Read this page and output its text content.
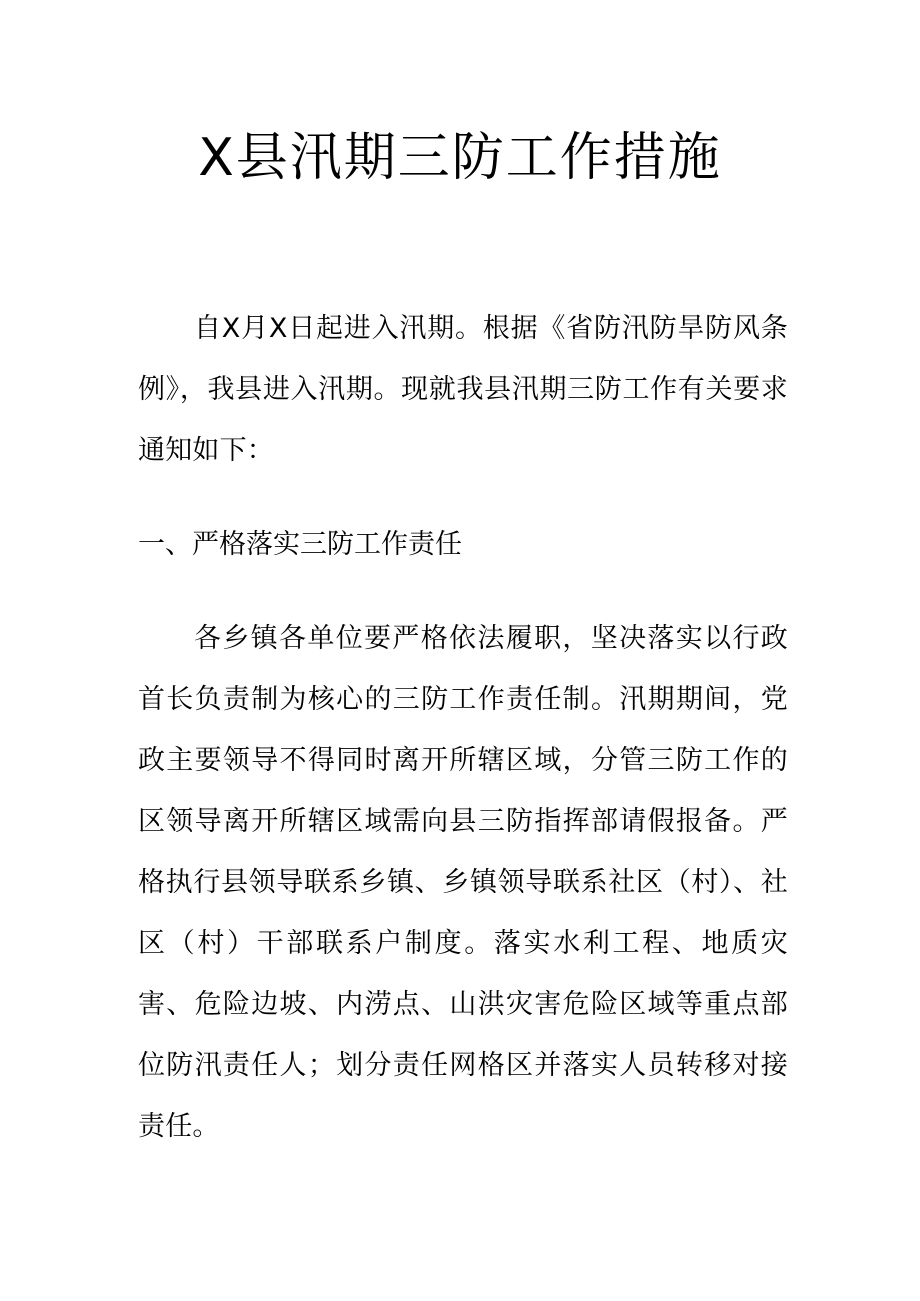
X县汛期三防工作措施

自X月X日起进入汛期。根据《省防汛防旱防风条例》，我县进入汛期。现就我县汛期三防工作有关要求通知如下：

一、严格落实三防工作责任

各乡镇各单位要严格依法履职，坚决落实以行政首长负责制为核心的三防工作责任制。汛期期间，党政主要领导不得同时离开所辖区域，分管三防工作的区领导离开所辖区域需向县三防指挥部请假报备。严格执行县领导联系乡镇、乡镇领导联系社区（村）、社区（村）干部联系户制度。落实水利工程、地质灾害、危险边坡、内涝点、山洪灾害危险区域等重点部位防汛责任人；划分责任网格区并落实人员转移对接责任。
